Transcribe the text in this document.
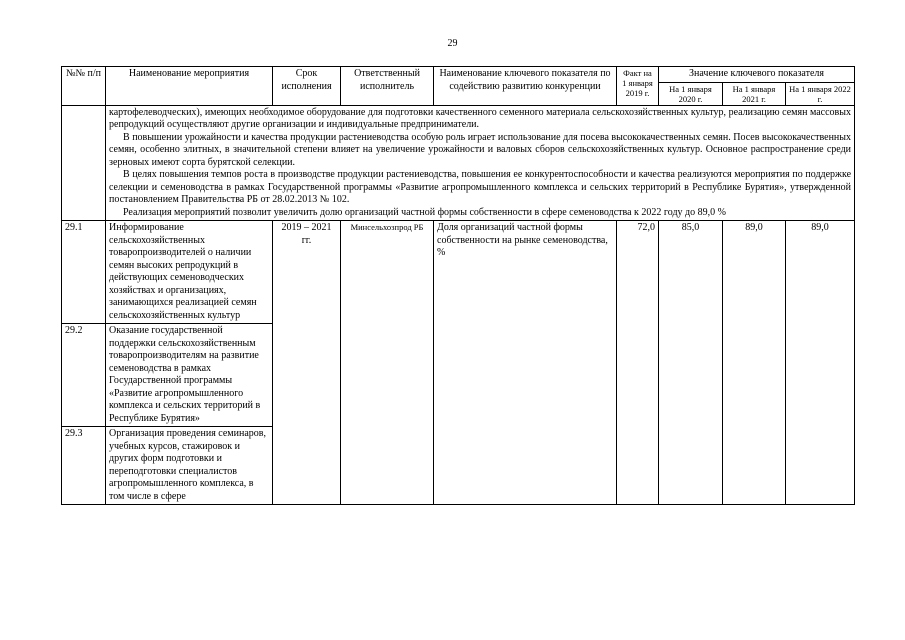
29
№№ п/п	Наименование мероприятия	Срок исполнения	Ответственный исполнитель	Наименование ключевого показателя по содействию развитию конкуренции	Факт на 1 января 2019 г.	Значение ключевого показателя		
						На 1 января 2020 г.	На 1 января 2021 г.	На 1 января 2022 г.

	картофелеводческих), имеющих необходимое оборудование для подготовки качественного семенного материала сельскохозяйственных культур, реализацию семян массовых репродукций осуществляют другие организации и индивидуальные предприниматели.

В повышении урожайности и качества продукции растениеводства особую роль играет использование для посева высококачественных семян. Посев высококачественных семян, особенно элитных, в значительной степени влияет на увеличение урожайности и валовых сборов сельскохозяйственных культур. Основное распространение среди зерновых имеют сорта бурятской селекции.

В целях повышения темпов роста в производстве продукции растениеводства, повышения ее конкурентоспособности и качества реализуются мероприятия по поддержке селекции и семеноводства в рамках Государственной программы «Развитие агропромышленного комплекса и сельских территорий в Республике Бурятия», утвержденной постановлением Правительства РБ от 28.02.2013 № 102.

Реализация мероприятий позволит увеличить долю организаций частной формы собственности в сфере семеноводства к 2022 году до 89,0 %							

29.1	Информирование сельскохозяйственных товаропроизводителей о наличии семян высоких репродукций в действующих семеноводческих хозяйствах и организациях, занимающихся реализацией семян сельскохозяйственных культур	2019 – 2021 гг.	Минсельхозпрод РБ	Доля организаций частной формы собственности на рынке семеноводства, %	72,0	85,0	89,0	89,0
29.2	Оказание государственной поддержки сельскохозяйственным товаропроизводителям на развитие семеноводства в рамках Государственной программы «Развитие агропромышленного комплекса и сельских территорий в Республике Бурятия»							
29.3	Организация проведения семинаров, учебных курсов, стажировок и других форм подготовки и переподготовки специалистов агропромышленного комплекса, в том числе в сфере							
